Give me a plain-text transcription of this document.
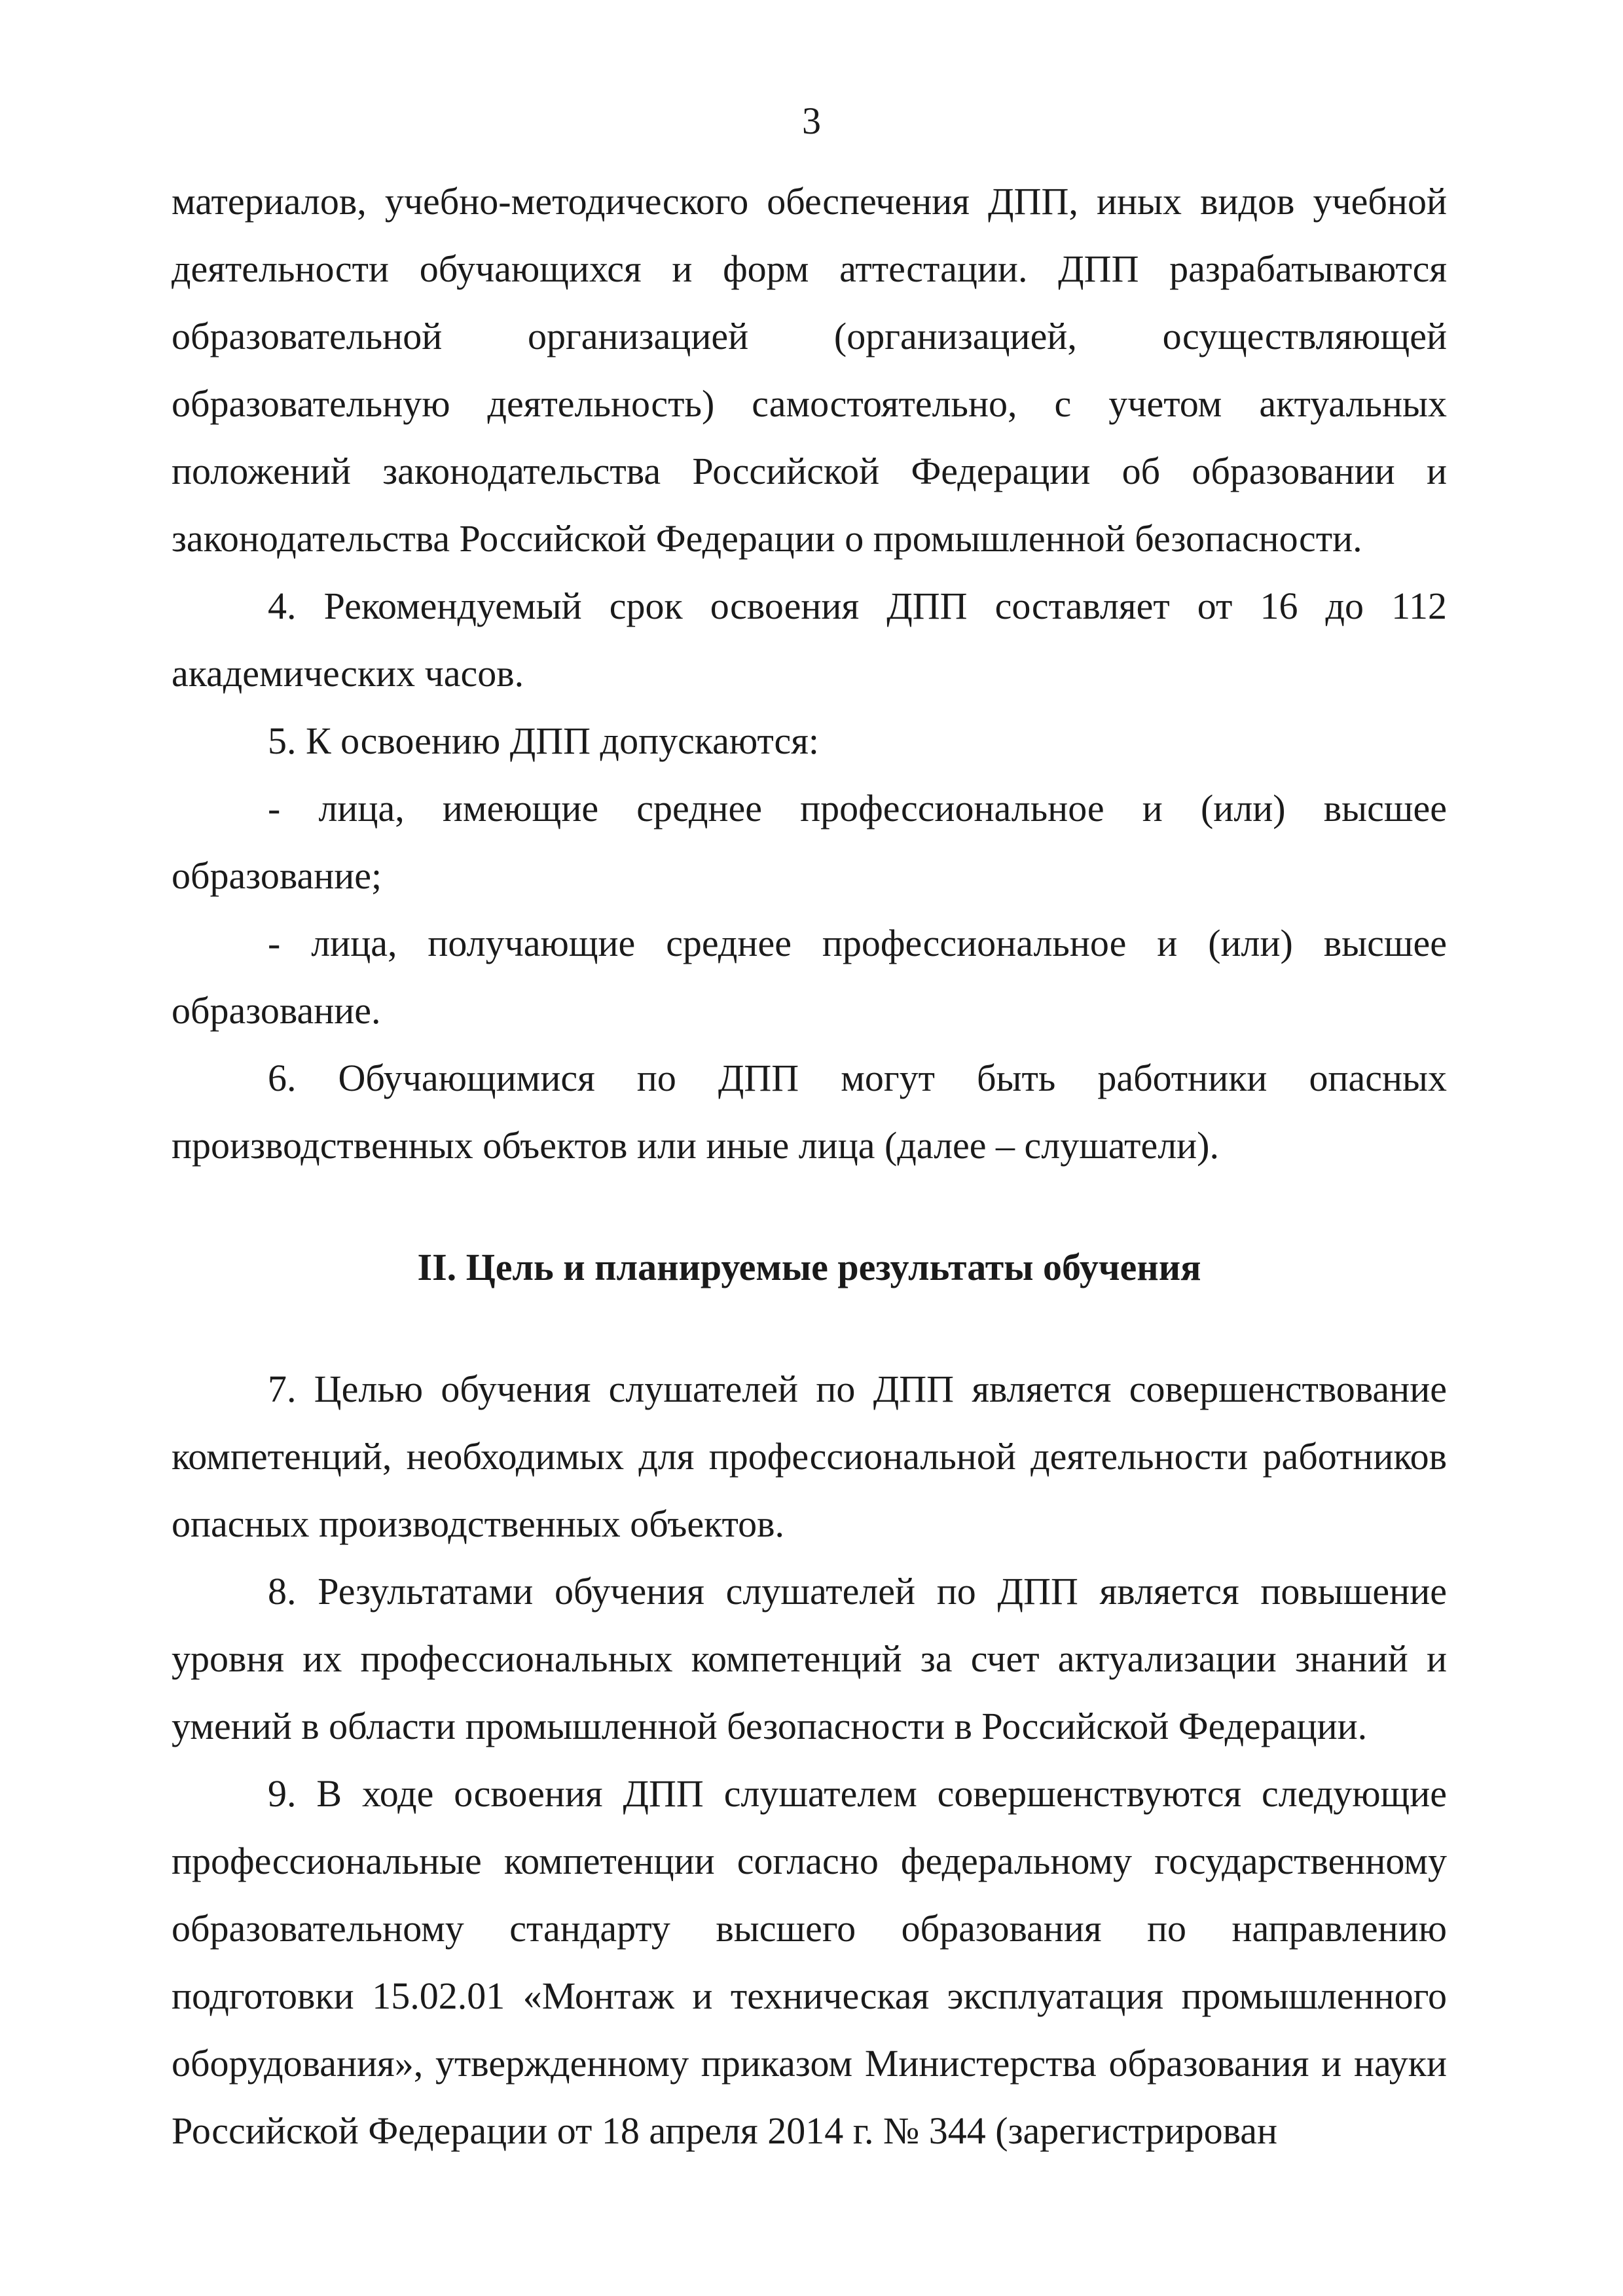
3

материалов, учебно-методического обеспечения ДПП, иных видов учебной деятельности обучающихся и форм аттестации. ДПП разрабатываются образовательной организацией (организацией, осуществляющей образовательную деятельность) самостоятельно, с учетом актуальных положений законодательства Российской Федерации об образовании и законодательства Российской Федерации о промышленной безопасности.

4. Рекомендуемый срок освоения ДПП составляет от 16 до 112 академических часов.

5. К освоению ДПП допускаются:

- лица, имеющие среднее профессиональное и (или) высшее образование;

- лица, получающие среднее профессиональное и (или) высшее образование.

6. Обучающимися по ДПП могут быть работники опасных производственных объектов или иные лица (далее – слушатели).

II. Цель и планируемые результаты обучения

7. Целью обучения слушателей по ДПП является совершенствование компетенций, необходимых для профессиональной деятельности работников опасных производственных объектов.

8. Результатами обучения слушателей по ДПП является повышение уровня их профессиональных компетенций за счет актуализации знаний и умений в области промышленной безопасности в Российской Федерации.

9. В ходе освоения ДПП слушателем совершенствуются следующие профессиональные компетенции согласно федеральному государственному образовательному стандарту высшего образования по направлению подготовки 15.02.01 «Монтаж и техническая эксплуатация промышленного оборудования», утвержденному приказом Министерства образования и науки Российской Федерации от 18 апреля 2014 г. № 344 (зарегистрирован
